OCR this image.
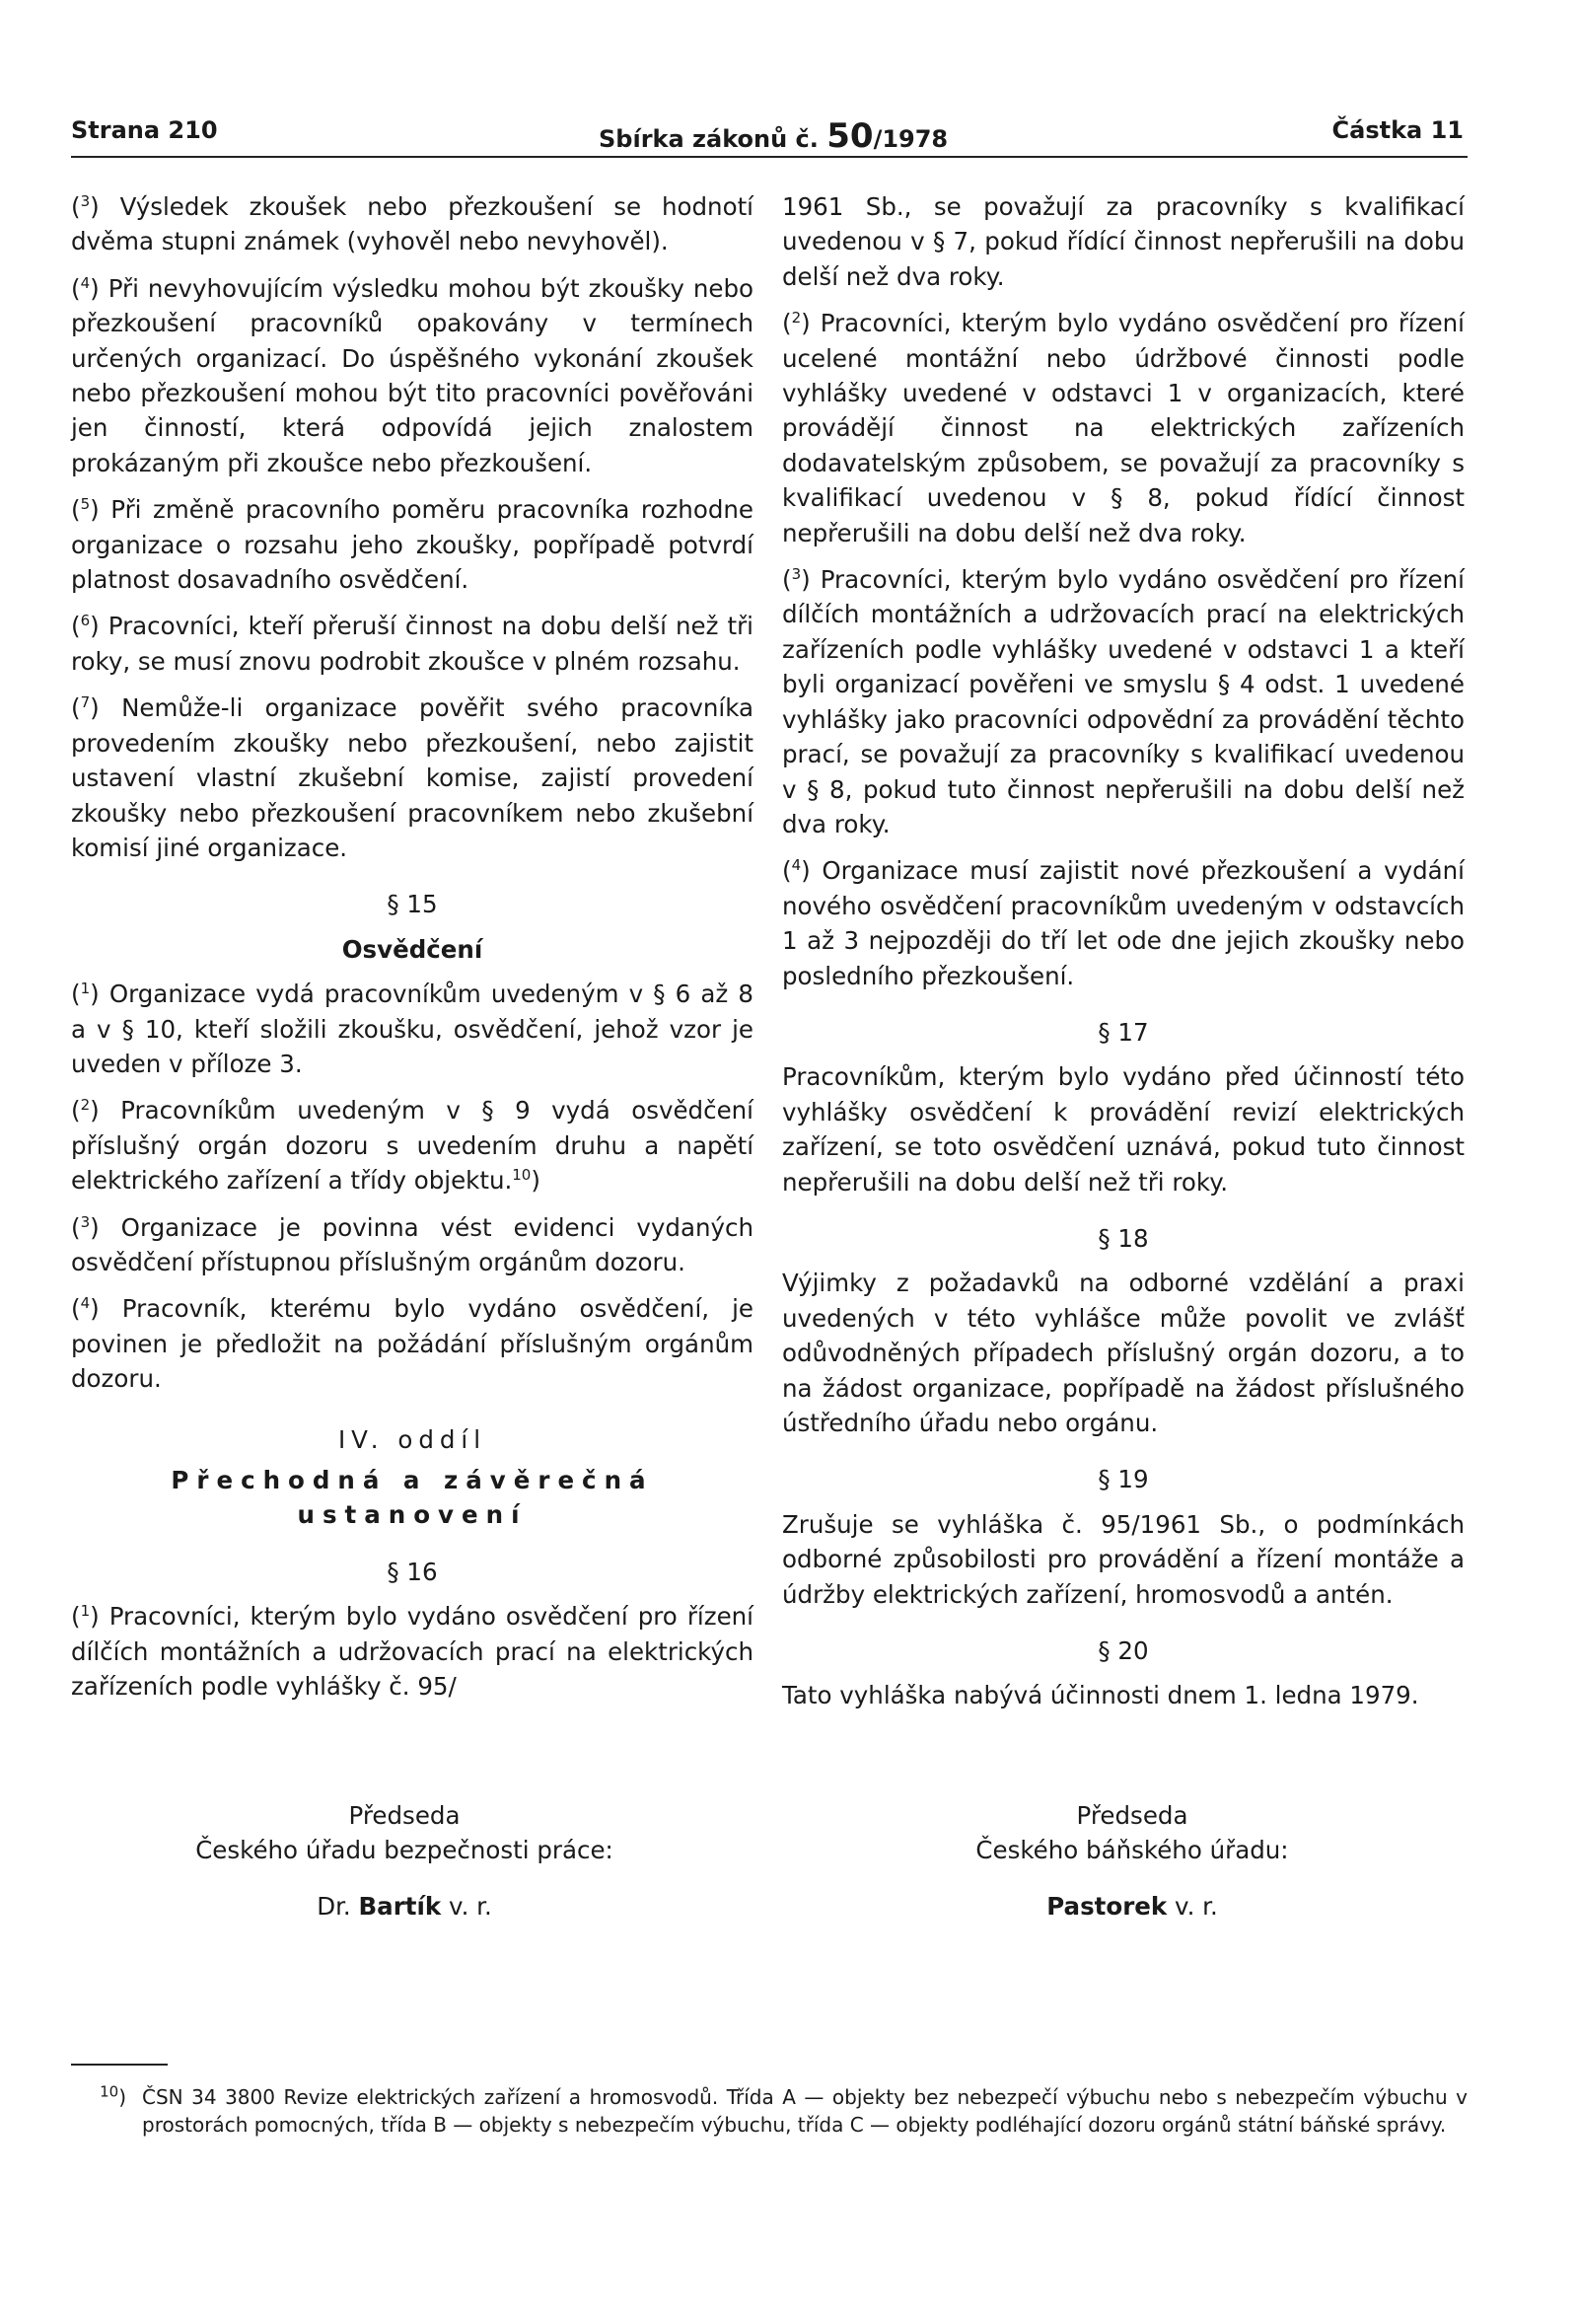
Strana 210	Sbírka zákonů č. 50/1978	Částka 11

($^3$) Výsledek zkoušek nebo přezkoušení se hodnotí dvěma stupni známek (vyhověl nebo nevyhověl).

($^4$) Při nevyhovujícím výsledku mohou být zkoušky nebo přezkoušení pracovníků opakovány v termínech určených organizací. Do úspěšného vykonání zkoušek nebo přezkoušení mohou být tito pracovníci pověřováni jen činností, která odpovídá jejich znalostem prokázaným při zkoušce nebo přezkoušení.

($^5$) Při změně pracovního poměru pracovníka rozhodne organizace o rozsahu jeho zkoušky, popřípadě potvrdí platnost dosavadního osvědčení.

($^6$) Pracovníci, kteří přeruší činnost na dobu delší než tři roky, se musí znovu podrobit zkoušce v plném rozsahu.

($^7$) Nemůže-li organizace pověřit svého pracovníka provedením zkoušky nebo přezkoušení, nebo zajistit ustavení vlastní zkušební komise, zajistí provedení zkoušky nebo přezkoušení pracovníkem nebo zkušební komisí jiné organizace.

§ 15
Osvědčení

($^1$) Organizace vydá pracovníkům uvedeným v § 6 až 8 a v § 10, kteří složili zkoušku, osvědčení, jehož vzor je uveden v příloze 3.

($^2$) Pracovníkům uvedeným v § 9 vydá osvědčení příslušný orgán dozoru s uvedením druhu a napětí elektrického zařízení a třídy objektu.$^{10}$)

($^3$) Organizace je povinna vést evidenci vydaných osvědčení přístupnou příslušným orgánům dozoru.

($^4$) Pracovník, kterému bylo vydáno osvědčení, je povinen je předložit na požádání příslušným orgánům dozoru.

IV. oddíl
Přechodná a závěrečná ustanovení
§ 16

($^1$) Pracovníci, kterým bylo vydáno osvědčení pro řízení dílčích montážních a udržovacích prací na elektrických zařízeních podle vyhlášky č. 95/

1961 Sb., se považují za pracovníky s kvalifikací uvedenou v § 7, pokud řídící činnost nepřerušili na dobu delší než dva roky.

($^2$) Pracovníci, kterým bylo vydáno osvědčení pro řízení ucelené montážní nebo údržbové činnosti podle vyhlášky uvedené v odstavci 1 v organizacích, které provádějí činnost na elektrických zařízeních dodavatelským způsobem, se považují za pracovníky s kvalifikací uvedenou v § 8, pokud řídící činnost nepřerušili na dobu delší než dva roky.

($^3$) Pracovníci, kterým bylo vydáno osvědčení pro řízení dílčích montážních a udržovacích prací na elektrických zařízeních podle vyhlášky uvedené v odstavci 1 a kteří byli organizací pověřeni ve smyslu § 4 odst. 1 uvedené vyhlášky jako pracovníci odpovědní za provádění těchto prací, se považují za pracovníky s kvalifikací uvedenou v § 8, pokud tuto činnost nepřerušili na dobu delší než dva roky.

($^4$) Organizace musí zajistit nové přezkoušení a vydání nového osvědčení pracovníkům uvedeným v odstavcích 1 až 3 nejpozději do tří let ode dne jejich zkoušky nebo posledního přezkoušení.

§ 17

Pracovníkům, kterým bylo vydáno před účinností této vyhlášky osvědčení k provádění revizí elektrických zařízení, se toto osvědčení uznává, pokud tuto činnost nepřerušili na dobu delší než tři roky.

§ 18

Výjimky z požadavků na odborné vzdělání a praxi uvedených v této vyhlášce může povolit ve zvlášť odůvodněných případech příslušný orgán dozoru, a to na žádost organizace, popřípadě na žádost příslušného ústředního úřadu nebo orgánu.

§ 19

Zrušuje se vyhláška č. 95/1961 Sb., o podmínkách odborné způsobilosti pro provádění a řízení montáže a údržby elektrických zařízení, hromosvodů a antén.

§ 20

Tato vyhláška nabývá účinnosti dnem 1. ledna 1979.

Předseda
Českého úřadu bezpečnosti práce:
Dr. Bartík v. r.
Předseda
Českého báňského úřadu:
Pastorek v. r.
$^{10}$) ČSN 34 3800 Revize elektrických zařízení a hromosvodů. Třída A — objekty bez nebezpečí výbuchu nebo s nebezpečím výbuchu v prostorách pomocných, třída B — objekty s nebezpečím výbuchu, třída C — objekty podléhající dozoru orgánů státní báňské správy.
